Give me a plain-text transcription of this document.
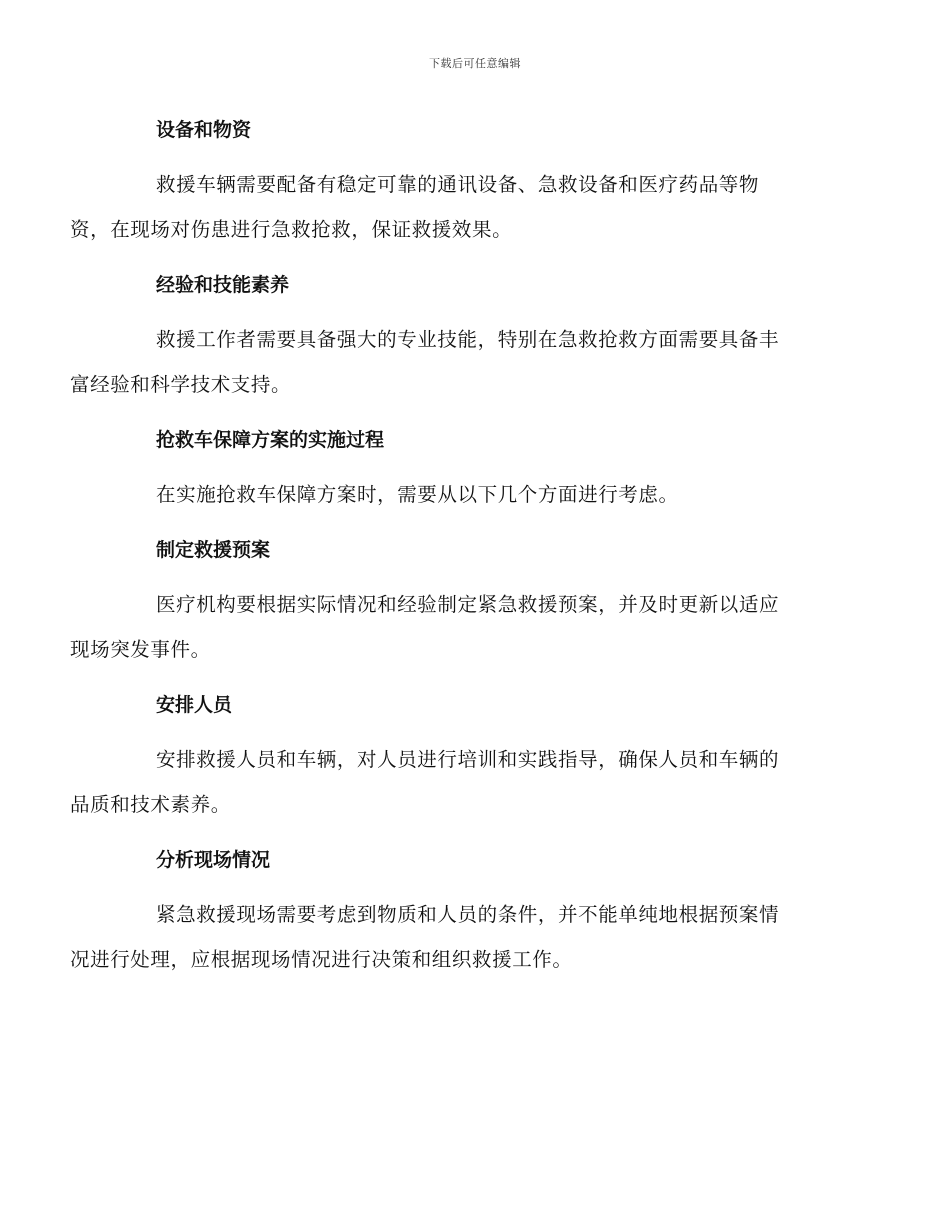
下载后可任意编辑
设备和物资

救援车辆需要配备有稳定可靠的通讯设备、急救设备和医疗药品等物
资，在现场对伤患进行急救抢救，保证救援效果。

经验和技能素养

救援工作者需要具备强大的专业技能，特别在急救抢救方面需要具备丰
富经验和科学技术支持。

抢救车保障方案的实施过程

在实施抢救车保障方案时，需要从以下几个方面进行考虑。

制定救援预案

医疗机构要根据实际情况和经验制定紧急救援预案，并及时更新以适应
现场突发事件。

安排人员

安排救援人员和车辆，对人员进行培训和实践指导，确保人员和车辆的
品质和技术素养。

分析现场情况

紧急救援现场需要考虑到物质和人员的条件，并不能单纯地根据预案情
况进行处理，应根据现场情况进行决策和组织救援工作。
